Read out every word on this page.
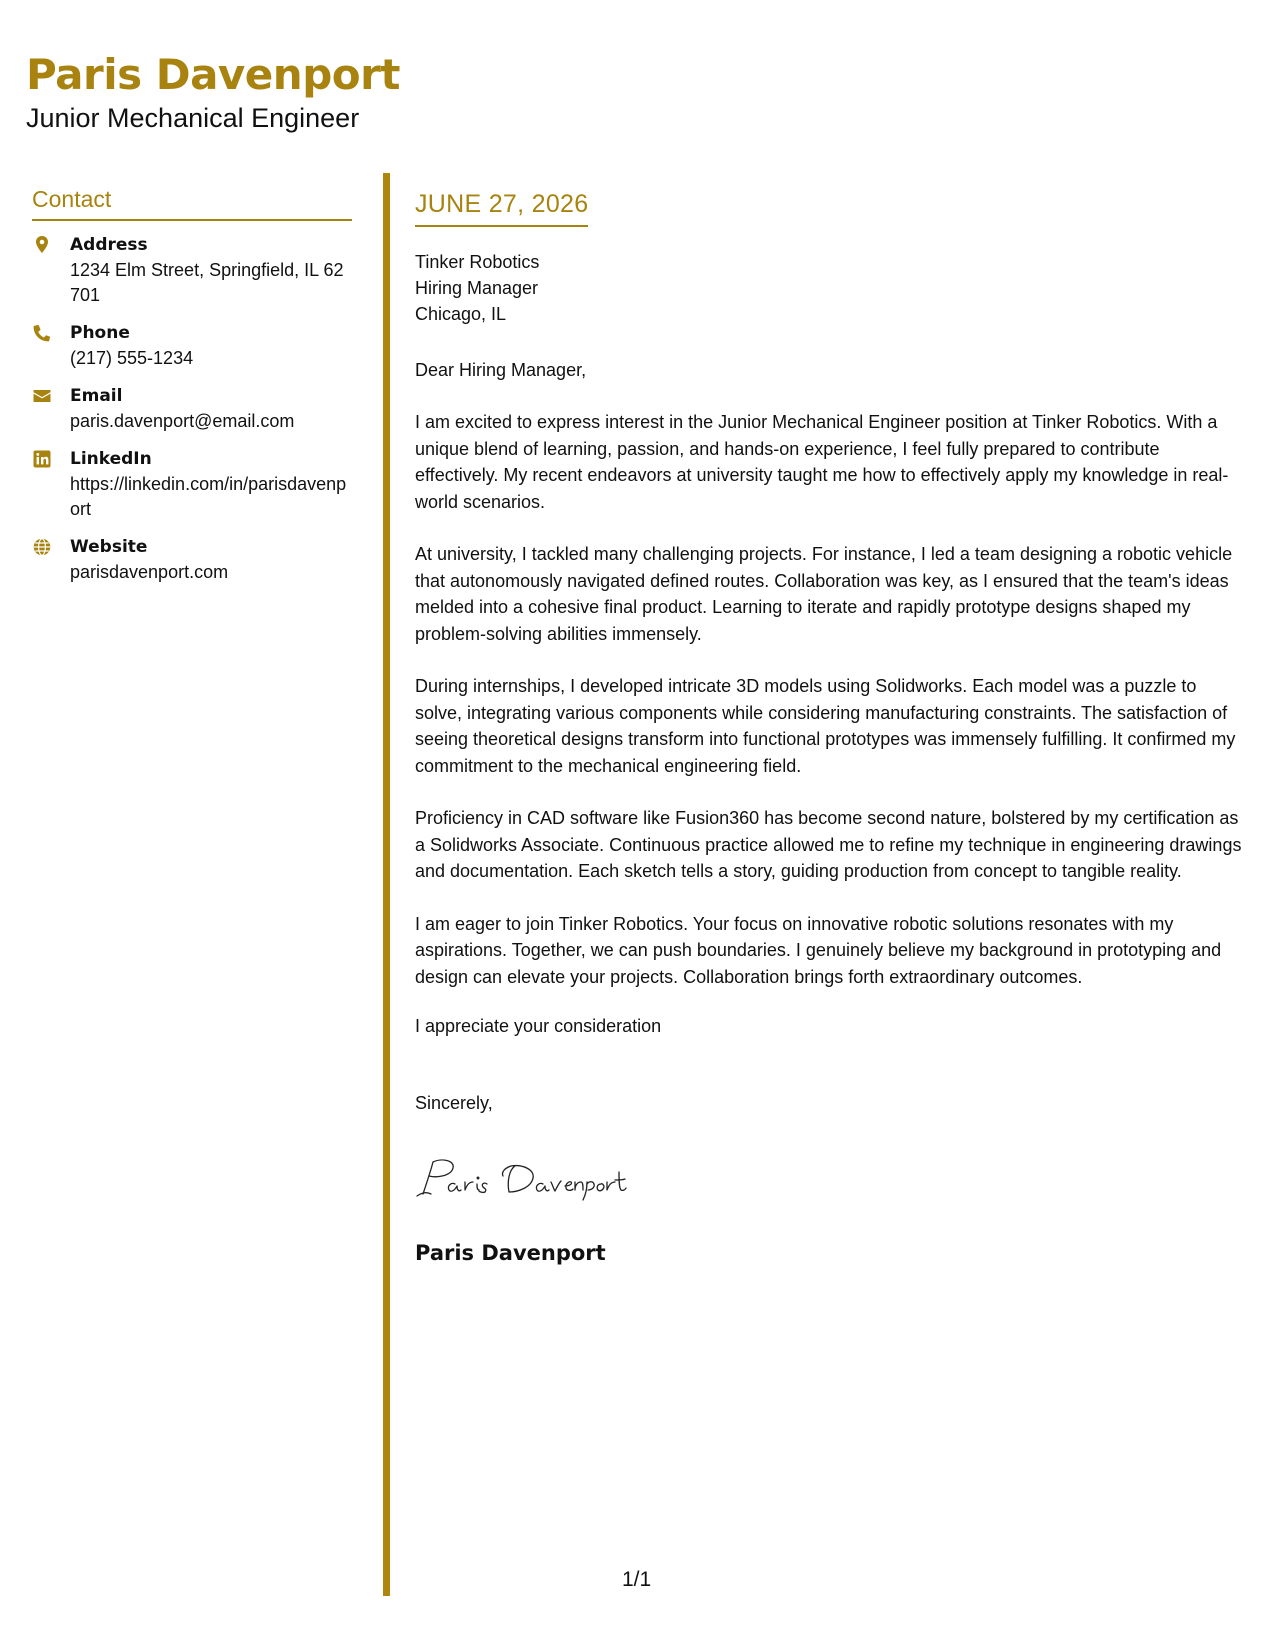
Paris Davenport
Junior Mechanical Engineer
Contact
Address
1234 Elm Street, Springfield, IL 62701
Phone
(217) 555-1234
Email
paris.davenport@email.com
LinkedIn
https://linkedin.com/in/parisdavenport
Website
parisdavenport.com
JUNE 27, 2026
Tinker Robotics
Hiring Manager
Chicago, IL
Dear Hiring Manager,
I am excited to express interest in the Junior Mechanical Engineer position at Tinker Robotics. With a unique blend of learning, passion, and hands-on experience, I feel fully prepared to contribute effectively. My recent endeavors at university taught me how to effectively apply my knowledge in real-world scenarios.
At university, I tackled many challenging projects. For instance, I led a team designing a robotic vehicle that autonomously navigated defined routes. Collaboration was key, as I ensured that the team's ideas melded into a cohesive final product. Learning to iterate and rapidly prototype designs shaped my problem-solving abilities immensely.
During internships, I developed intricate 3D models using Solidworks. Each model was a puzzle to solve, integrating various components while considering manufacturing constraints. The satisfaction of seeing theoretical designs transform into functional prototypes was immensely fulfilling. It confirmed my commitment to the mechanical engineering field.
Proficiency in CAD software like Fusion360 has become second nature, bolstered by my certification as a Solidworks Associate. Continuous practice allowed me to refine my technique in engineering drawings and documentation. Each sketch tells a story, guiding production from concept to tangible reality.
I am eager to join Tinker Robotics. Your focus on innovative robotic solutions resonates with my aspirations. Together, we can push boundaries. I genuinely believe my background in prototyping and design can elevate your projects. Collaboration brings forth extraordinary outcomes.
I appreciate your consideration
Sincerely,
Paris Davenport
1/1
